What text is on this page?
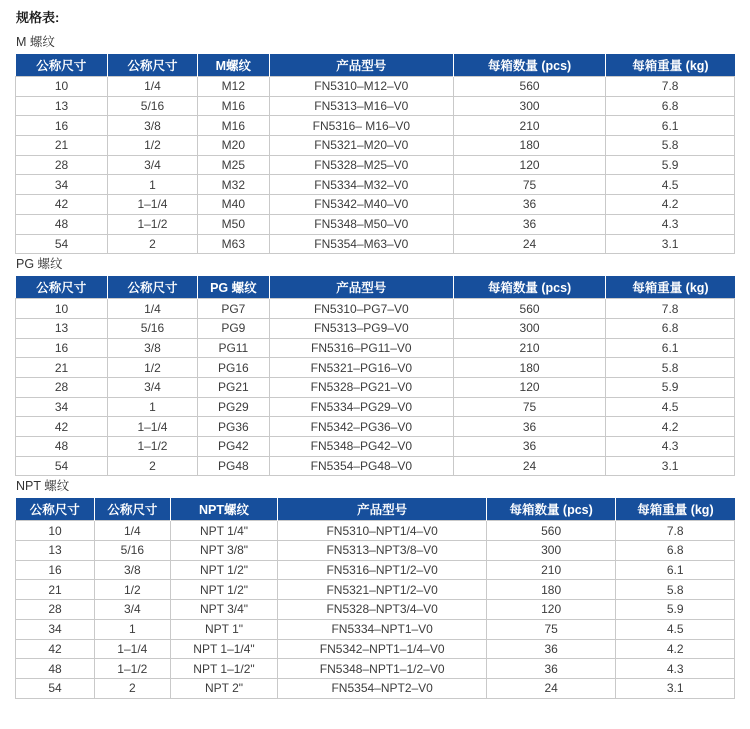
规格表:
M 螺纹
公称尺寸	公称尺寸	M螺纹	产品型号	每箱数量 (pcs)	每箱重量 (kg)
10	1/4	M12	FN5310–M12–V0	560	7.8
13	5/16	M16	FN5313–M16–V0	300	6.8
16	3/8	M16	FN5316– M16–V0	210	6.1
21	1/2	M20	FN5321–M20–V0	180	5.8
28	3/4	M25	FN5328–M25–V0	120	5.9
34	1	M32	FN5334–M32–V0	75	4.5
42	1–1/4	M40	FN5342–M40–V0	36	4.2
48	1–1/2	M50	FN5348–M50–V0	36	4.3
54	2	M63	FN5354–M63–V0	24	3.1
PG 螺纹
公称尺寸	公称尺寸	PG 螺纹	产品型号	每箱数量 (pcs)	每箱重量 (kg)
10	1/4	PG7	FN5310–PG7–V0	560	7.8
13	5/16	PG9	FN5313–PG9–V0	300	6.8
16	3/8	PG11	FN5316–PG11–V0	210	6.1
21	1/2	PG16	FN5321–PG16–V0	180	5.8
28	3/4	PG21	FN5328–PG21–V0	120	5.9
34	1	PG29	FN5334–PG29–V0	75	4.5
42	1–1/4	PG36	FN5342–PG36–V0	36	4.2
48	1–1/2	PG42	FN5348–PG42–V0	36	4.3
54	2	PG48	FN5354–PG48–V0	24	3.1
NPT 螺纹
公称尺寸	公称尺寸	NPT螺纹	产品型号	每箱数量 (pcs)	每箱重量 (kg)
10	1/4	NPT 1/4"	FN5310–NPT1/4–V0	560	7.8
13	5/16	NPT 3/8"	FN5313–NPT3/8–V0	300	6.8
16	3/8	NPT 1/2"	FN5316–NPT1/2–V0	210	6.1
21	1/2	NPT 1/2"	FN5321–NPT1/2–V0	180	5.8
28	3/4	NPT 3/4"	FN5328–NPT3/4–V0	120	5.9
34	1	NPT 1"	FN5334–NPT1–V0	75	4.5
42	1–1/4	NPT 1–1/4"	FN5342–NPT1–1/4–V0	36	4.2
48	1–1/2	NPT 1–1/2"	FN5348–NPT1–1/2–V0	36	4.3
54	2	NPT 2"	FN5354–NPT2–V0	24	3.1
